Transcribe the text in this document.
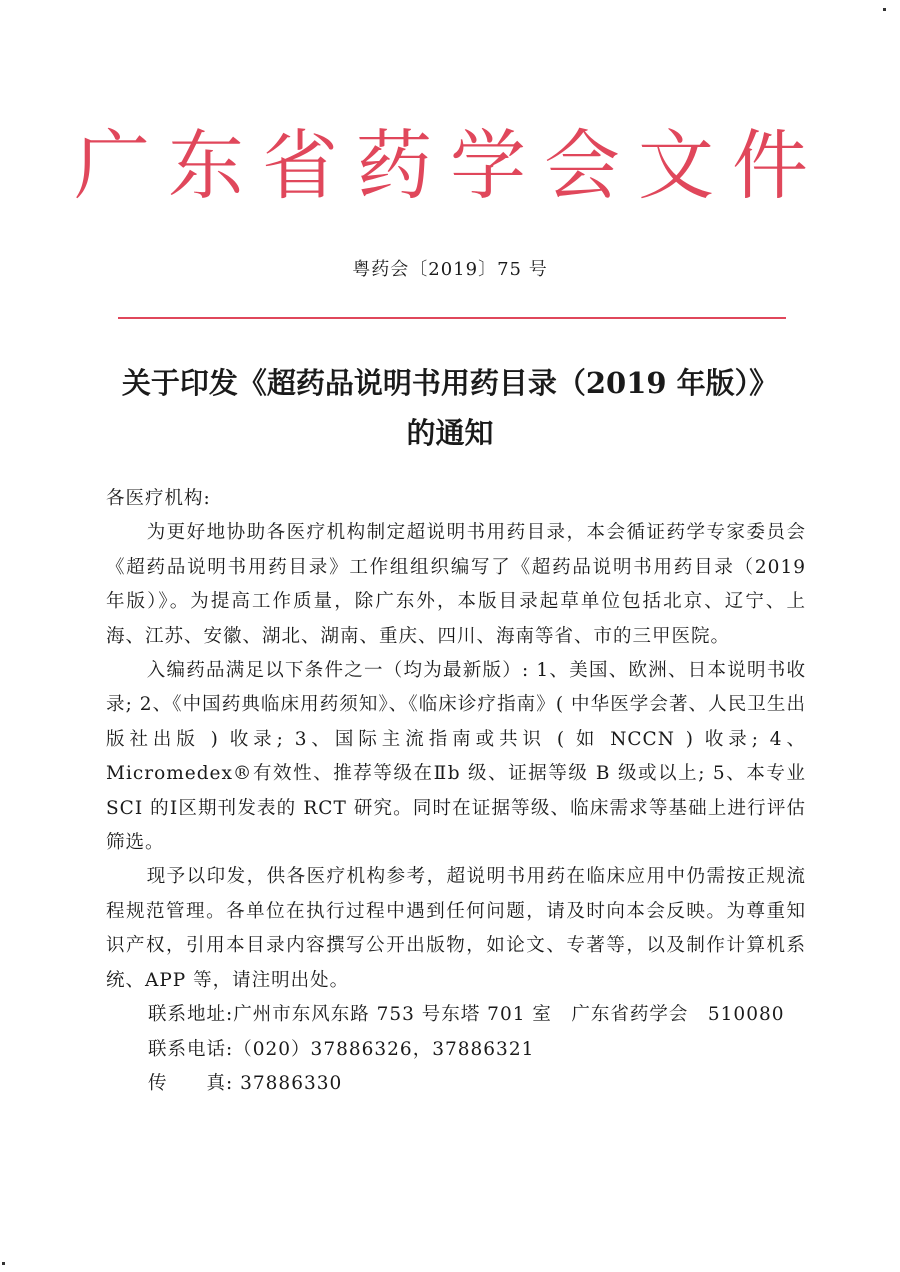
广东省药学会文件
粤药会〔2019〕75 号
关于印发《超药品说明书用药目录（2019 年版）》
的通知

各医疗机构:

为更好地协助各医疗机构制定超说明书用药目录，本会循证药学专家委员会《超药品说明书用药目录》工作组组织编写了《超药品说明书用药目录（2019 年版）》。为提高工作质量，除广东外，本版目录起草单位包括北京、辽宁、上海、江苏、安徽、湖北、湖南、重庆、四川、海南等省、市的三甲医院。

入编药品满足以下条件之一（均为最新版）: 1、美国、欧洲、日本说明书收录; 2、《中国药典临床用药须知》、《临床诊疗指南》( 中华医学会著、人民卫生出版社出版 ) 收录; 3、国际主流指南或共识 ( 如 NCCN ) 收录; 4、Micromedex®有效性、推荐等级在Ⅱb 级、证据等级 B 级或以上; 5、本专业 SCI 的Ⅰ区期刊发表的 RCT 研究。同时在证据等级、临床需求等基础上进行评估筛选。

现予以印发，供各医疗机构参考，超说明书用药在临床应用中仍需按正规流程规范管理。各单位在执行过程中遇到任何问题，请及时向本会反映。为尊重知识产权，引用本目录内容撰写公开出版物，如论文、专著等，以及制作计算机系统、APP 等，请注明出处。

联系地址:广州市东风东路 753 号东塔 701 室　广东省药学会　510080

联系电话:（020）37886326，37886321

传　　真: 37886330
